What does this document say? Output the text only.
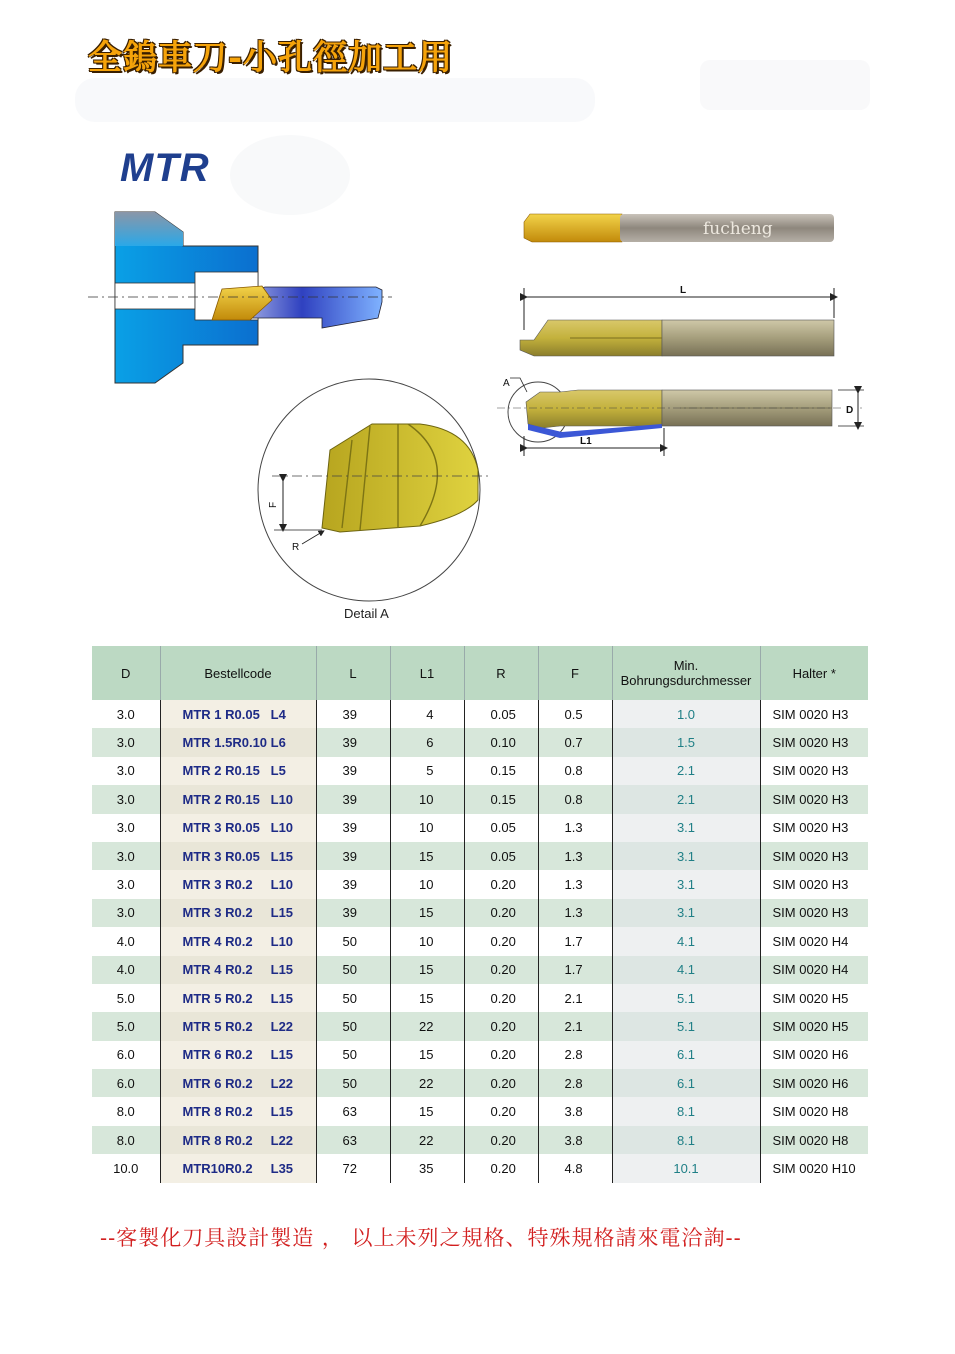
全鎢車刀-小孔徑加工用
MTR
fucheng
L
A
L1
D
F
R
Detail A
D	Bestellcode	L	L1	R	F	Min.
Bohrungsdurchmesser	Halter *
3.0	MTR 1 R0.05   L4	39	4	0.05	0.5	1.0	SIM 0020 H3
3.0	MTR 1.5R0.10 L6	39	6	0.10	0.7	1.5	SIM 0020 H3
3.0	MTR 2 R0.15   L5	39	5	0.15	0.8	2.1	SIM 0020 H3
3.0	MTR 2 R0.15   L10	39	10	0.15	0.8	2.1	SIM 0020 H3
3.0	MTR 3 R0.05   L10	39	10	0.05	1.3	3.1	SIM 0020 H3
3.0	MTR 3 R0.05   L15	39	15	0.05	1.3	3.1	SIM 0020 H3
3.0	MTR 3 R0.2     L10	39	10	0.20	1.3	3.1	SIM 0020 H3
3.0	MTR 3 R0.2     L15	39	15	0.20	1.3	3.1	SIM 0020 H3
4.0	MTR 4 R0.2     L10	50	10	0.20	1.7	4.1	SIM 0020 H4
4.0	MTR 4 R0.2     L15	50	15	0.20	1.7	4.1	SIM 0020 H4
5.0	MTR 5 R0.2     L15	50	15	0.20	2.1	5.1	SIM 0020 H5
5.0	MTR 5 R0.2     L22	50	22	0.20	2.1	5.1	SIM 0020 H5
6.0	MTR 6 R0.2     L15	50	15	0.20	2.8	6.1	SIM 0020 H6
6.0	MTR 6 R0.2     L22	50	22	0.20	2.8	6.1	SIM 0020 H6
8.0	MTR 8 R0.2     L15	63	15	0.20	3.8	8.1	SIM 0020 H8
8.0	MTR 8 R0.2     L22	63	22	0.20	3.8	8.1	SIM 0020 H8
10.0	MTR10R0.2     L35	72	35	0.20	4.8	10.1	SIM 0020 H10
--客製化刀具設計製造 ， 以上未列之規格、特殊規格請來電洽詢--
